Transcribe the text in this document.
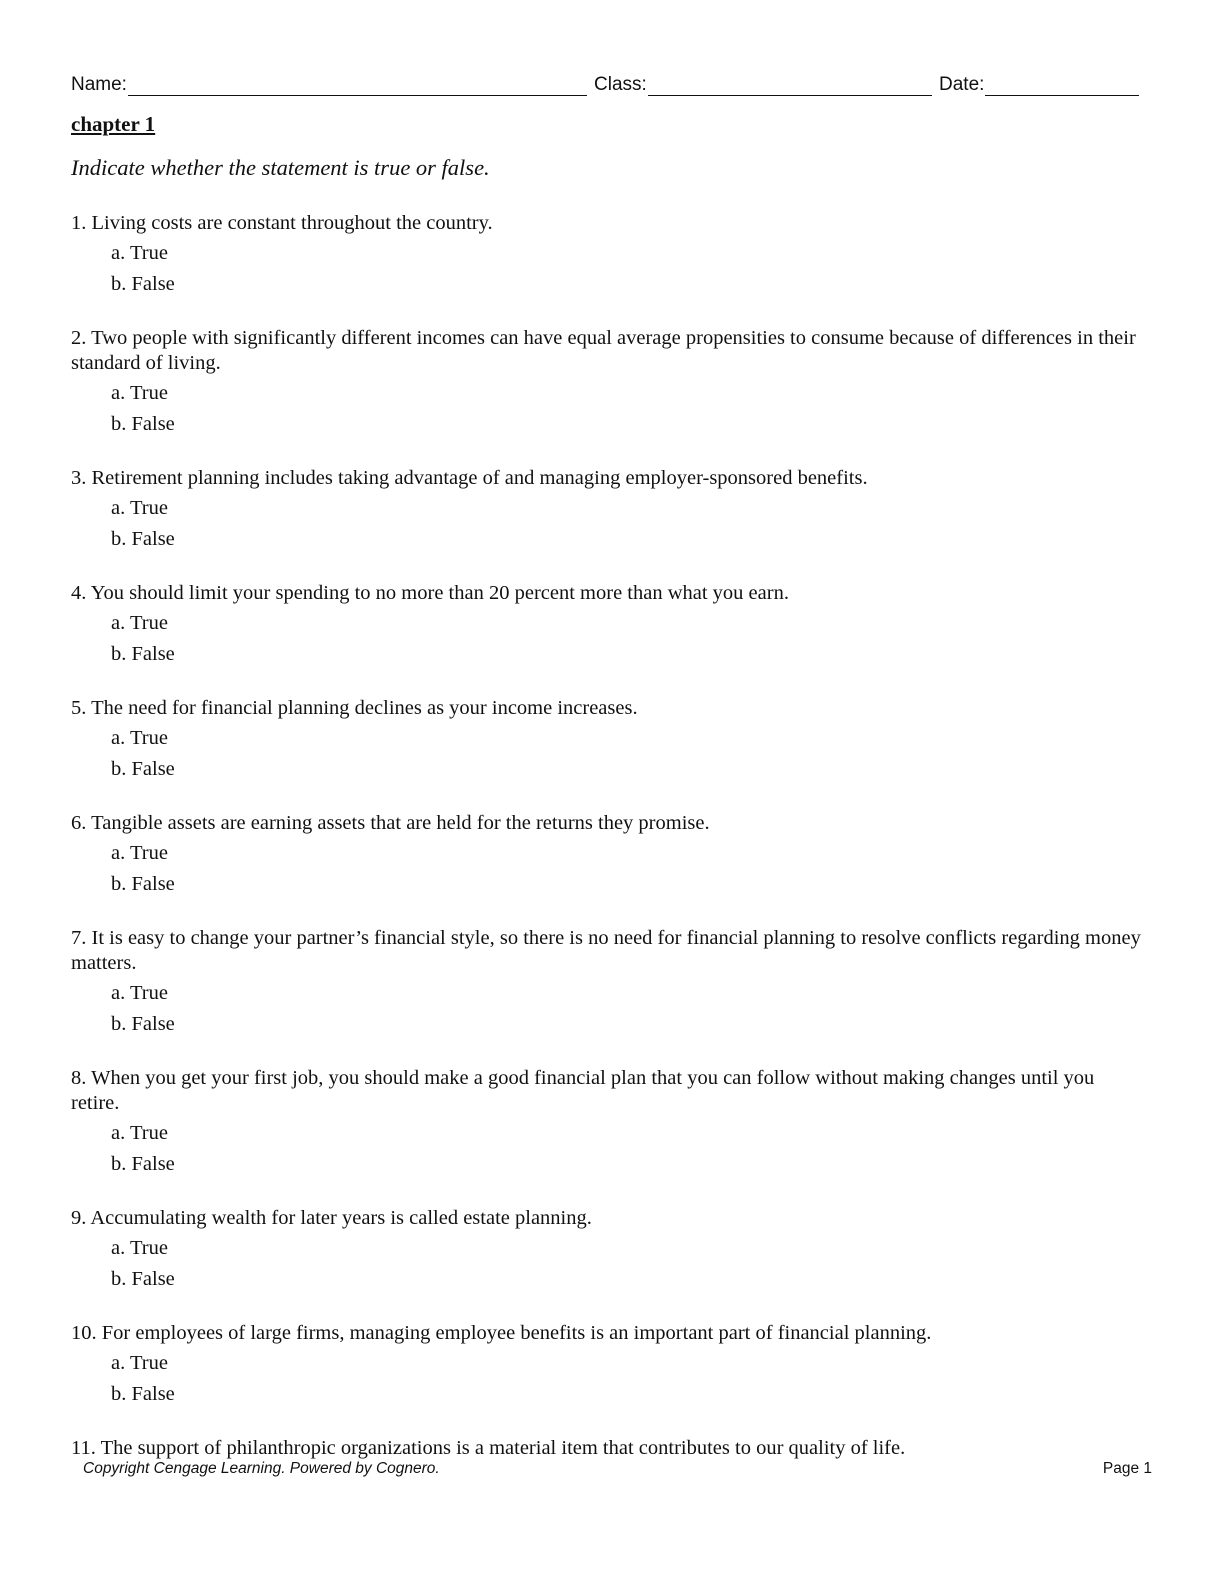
Name:	Class:	Date:
chapter 1
Indicate whether the statement is true or false.
1. Living costs are constant throughout the country.
a. True
b. False
2. Two people with significantly different incomes can have equal average propensities to consume because of differences in their standard of living.
a. True
b. False
3. Retirement planning includes taking advantage of and managing employer-sponsored benefits.
a. True
b. False
4. You should limit your spending to no more than 20 percent more than what you earn.
a. True
b. False
5. The need for financial planning declines as your income increases.
a. True
b. False
6. Tangible assets are earning assets that are held for the returns they promise.
a. True
b. False
7. It is easy to change your partner’s financial style, so there is no need for financial planning to resolve conflicts regarding money matters.
a. True
b. False
8. When you get your first job, you should make a good financial plan that you can follow without making changes until you retire.
a. True
b. False
9. Accumulating wealth for later years is called estate planning.
a. True
b. False
10. For employees of large firms, managing employee benefits is an important part of financial planning.
a. True
b. False
11. The support of philanthropic organizations is a material item that contributes to our quality of life.
Copyright Cengage Learning. Powered by Cognero.	Page 1
